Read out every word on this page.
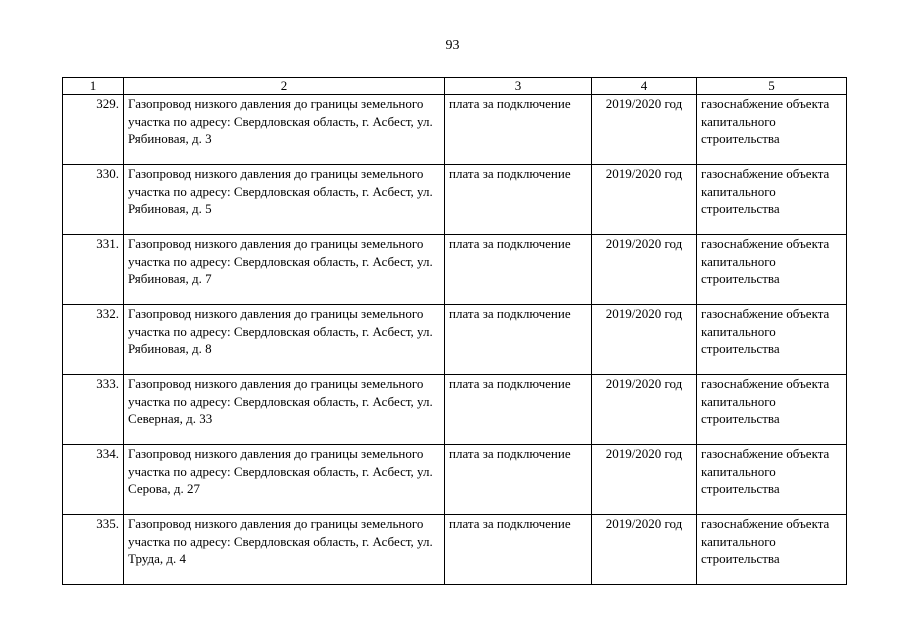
93
1	2	3	4	5
329.	Газопровод низкого давления до границы земельного участка по адресу: Свердловская область, г. Асбест, ул. Рябиновая, д. 3	плата за подключение	2019/2020 год	газоснабжение объекта капитального строительства
330.	Газопровод низкого давления до границы земельного участка по адресу: Свердловская область, г. Асбест, ул. Рябиновая, д. 5	плата за подключение	2019/2020 год	газоснабжение объекта капитального строительства
331.	Газопровод низкого давления до границы земельного участка по адресу: Свердловская область, г. Асбест, ул. Рябиновая, д. 7	плата за подключение	2019/2020 год	газоснабжение объекта капитального строительства
332.	Газопровод низкого давления до границы земельного участка по адресу: Свердловская область, г. Асбест, ул. Рябиновая, д. 8	плата за подключение	2019/2020 год	газоснабжение объекта капитального строительства
333.	Газопровод низкого давления до границы земельного участка по адресу: Свердловская область, г. Асбест, ул. Северная, д. 33	плата за подключение	2019/2020 год	газоснабжение объекта капитального строительства
334.	Газопровод низкого давления до границы земельного участка по адресу: Свердловская область, г. Асбест, ул. Серова, д. 27	плата за подключение	2019/2020 год	газоснабжение объекта капитального строительства
335.	Газопровод низкого давления до границы земельного участка по адресу: Свердловская область, г. Асбест, ул. Труда, д. 4	плата за подключение	2019/2020 год	газоснабжение объекта капитального строительства
